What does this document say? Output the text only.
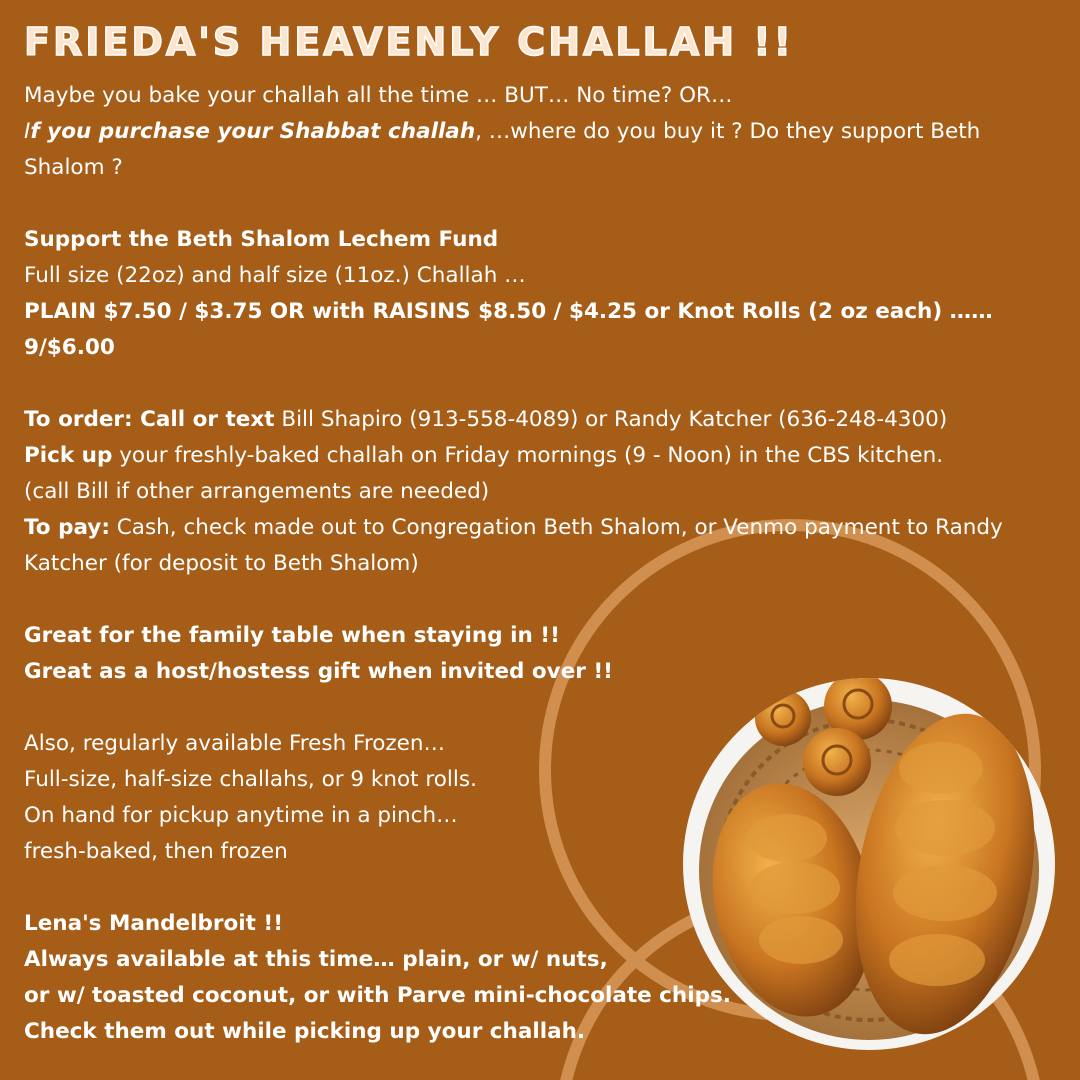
FRIEDA'S HEAVENLY CHALLAH !!

Maybe you bake your challah all the time … BUT… No time? OR…

If you purchase your Shabbat challah, …where do you buy it ? Do they support Beth

Shalom ?

Support the Beth Shalom Lechem Fund

Full size (22oz) and half size (11oz.) Challah …

PLAIN $7.50 / $3.75 OR with RAISINS $8.50 / $4.25 or Knot Rolls (2 oz each) ……

9/$6.00

To order: Call or text Bill Shapiro (913-558-4089) or Randy Katcher (636-248-4300)

Pick up your freshly-baked challah on Friday mornings (9 - Noon) in the CBS kitchen.

(call Bill if other arrangements are needed)

To pay: Cash, check made out to Congregation Beth Shalom, or Venmo payment to Randy

Katcher (for deposit to Beth Shalom)

Great for the family table when staying in !!

Great as a host/hostess gift when invited over !!

Also, regularly available Fresh Frozen…

Full-size, half-size challahs, or 9 knot rolls.

On hand for pickup anytime in a pinch…

fresh-baked, then frozen

Lena's Mandelbroit !!

Always available at this time… plain, or w/ nuts,

or w/ toasted coconut, or with Parve mini-chocolate chips.

Check them out while picking up your challah.
